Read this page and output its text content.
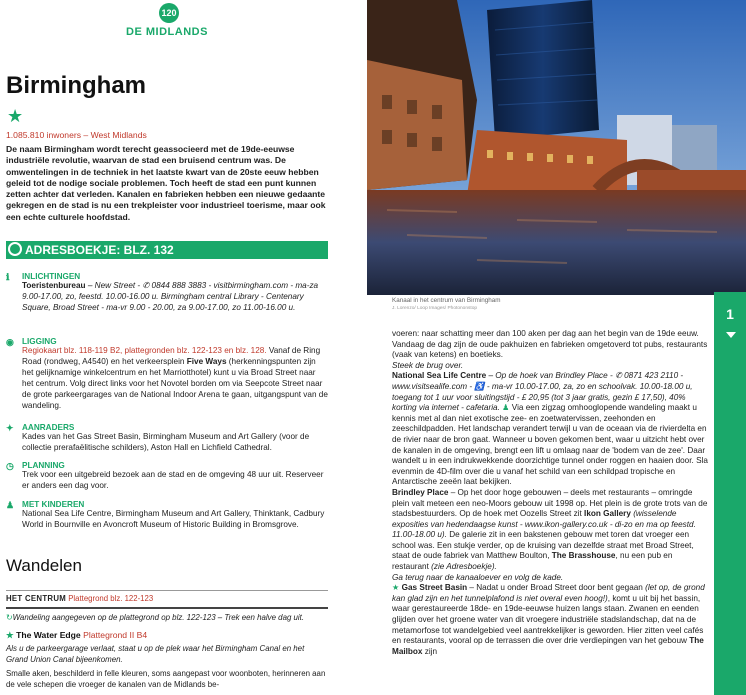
120
DE MIDLANDS
Birmingham
★
1.085.810 inwoners – West Midlands
De naam Birmingham wordt terecht geassocieerd met de 19de-eeuwse industriële revolutie, waarvan de stad een bruisend centrum was. De omwentelingen in de techniek in het laatste kwart van de 20ste eeuw hebben geleid tot de nodige sociale problemen. Toch heeft de stad een punt kunnen zetten achter dat verleden. Kanalen en fabrieken hebben een nieuwe gedaante gekregen en de stad is nu een trekpleister voor industrieel toerisme, maar ook een echte culturele hoofdstad.
ADRESBOEKJE: BLZ. 132
ℹ INLICHTINGEN
Toeristenbureau – New Street - ✆ 0844 888 3883 - visitbirmingham.com - ma-za 9.00-17.00, zo, feestd. 10.00-16.00 u. Birmingham central Library - Centenary Square, Broad Street - ma-vr 9.00 - 20.00, za 9.00-17.00, zo 11.00-16.00 u.
◉ LIGGING
Regiokaart blz. 118-119 B2, plattegronden blz. 122-123 en blz. 128. Vanaf de Ring Road (rondweg, A4540) en het verkeersplein Five Ways (herkenningspunten zijn het gelijknamige winkelcentrum en het Marriotthotel) kunt u via Broad Street naar het centrum. Volg direct links voor het Novotel borden om via Seepcote Street naar de grote parkeergarages van de National Indoor Arena te gaan, uitgangspunt van de wandeling.
✦ AANRADERS
Kades van het Gas Street Basin, Birmingham Museum and Art Gallery (voor de collectie prerafaëlitische schilders), Aston Hall en Lichfield Cathedral.
◷ PLANNING
Trek voor een uitgebreid bezoek aan de stad en de omgeving 48 uur uit. Reserveer er anders een dag voor.
♟ MET KINDEREN
National Sea Life Centre, Birmingham Museum and Art Gallery, Thinktank, Cadbury World in Bournville en Avoncroft Museum of Historic Building in Bromsgrove.
Wandelen
HET CENTRUM Plattegrond blz. 122-123
↻Wandeling aangegeven op de plattegrond op blz. 122-123 – Trek een halve dag uit.
★ The Water Edge Plattegrond II B4
Als u de parkeergarage verlaat, staat u op de plek waar het Birmingham Canal en het Grand Union Canal bijeenkomen.
Smalle aken, beschilderd in felle kleuren, soms aangepast voor woonboten, herinneren aan de vele schepen die vroeger de kanalen van de Midlands be-
Kanaal in het centrum van Birmingham
J. Lorenzo/ Loop Images/ Photononstop	1

voeren: naar schatting meer dan 100 aken per dag aan het begin van de 19de eeuw. Vandaag de dag zijn de oude pakhuizen en fabrieken omgetoverd tot pubs, restaurants (vaak van ketens) en boetieks.

Steek de brug over.

National Sea Life Centre – Op de hoek van Brindley Place - ✆ 0871 423 2110 - www.visitsealife.com - ♿ - ma-vr 10.00-17.00, za, zo en schoolvak. 10.00-18.00 u, toegang tot 1 uur voor sluitingstijd - £ 20,95 (tot 3 jaar gratis, gezin £ 17,50), 40% korting via internet - cafetaria. ♟ Via een zigzag omhooglopende wandeling maakt u kennis met al dan niet exotische zee- en zoetwatervissen, zeehonden en zeeschildpadden. Het landschap verandert terwijl u van de oceaan via de rivierdelta en de rivier naar de bron gaat. Wanneer u boven gekomen bent, waar u uitzicht hebt over de kanalen in de omgeving, brengt een lift u omlaag naar de 'bodem van de zee'. Daar wandelt u in een indrukwekkende doorzichtige tunnel onder roggen en haaien door. Sla evenmin de 4D-film over die u vanaf het schild van een schildpad tropische en Antarctische zeeën laat bekijken.

Brindley Place – Op het door hoge gebouwen – deels met restaurants – omringde plein valt meteen een neo-Moors gebouw uit 1998 op. Het plein is de grote trots van de stadsbestuurders. Op de hoek met Oozells Street zit Ikon Gallery (wisselende exposities van hedendaagse kunst - www.ikon-gallery.co.uk - di-zo en ma op feestd. 11.00-18.00 u). De galerie zit in een bakstenen gebouw met toren dat vroeger een school was. Een stukje verder, op de kruising van dezelfde straat met Broad Street, staat de oude fabriek van Matthew Boulton, The Brasshouse, nu een pub en restaurant (zie Adresboekje).

Ga terug naar de kanaaloever en volg de kade.

★ Gas Street Basin – Nadat u onder Broad Street door bent gegaan (let op, de grond kan glad zijn en het tunnelplafond is niet overal even hoog!), komt u uit bij het bassin, waar gerestaureerde 18de- en 19de-eeuwse huizen langs staan. Zwanen en eenden glijden over het groene water van dit vroegere industriële stadslandschap, dat na de metamorfose tot wandelgebied veel aantrekkelijker is geworden. Hier zitten veel cafés en restaurants, vooral op de terrassen die over drie verdiepingen van het gebouw The Mailbox zijn
